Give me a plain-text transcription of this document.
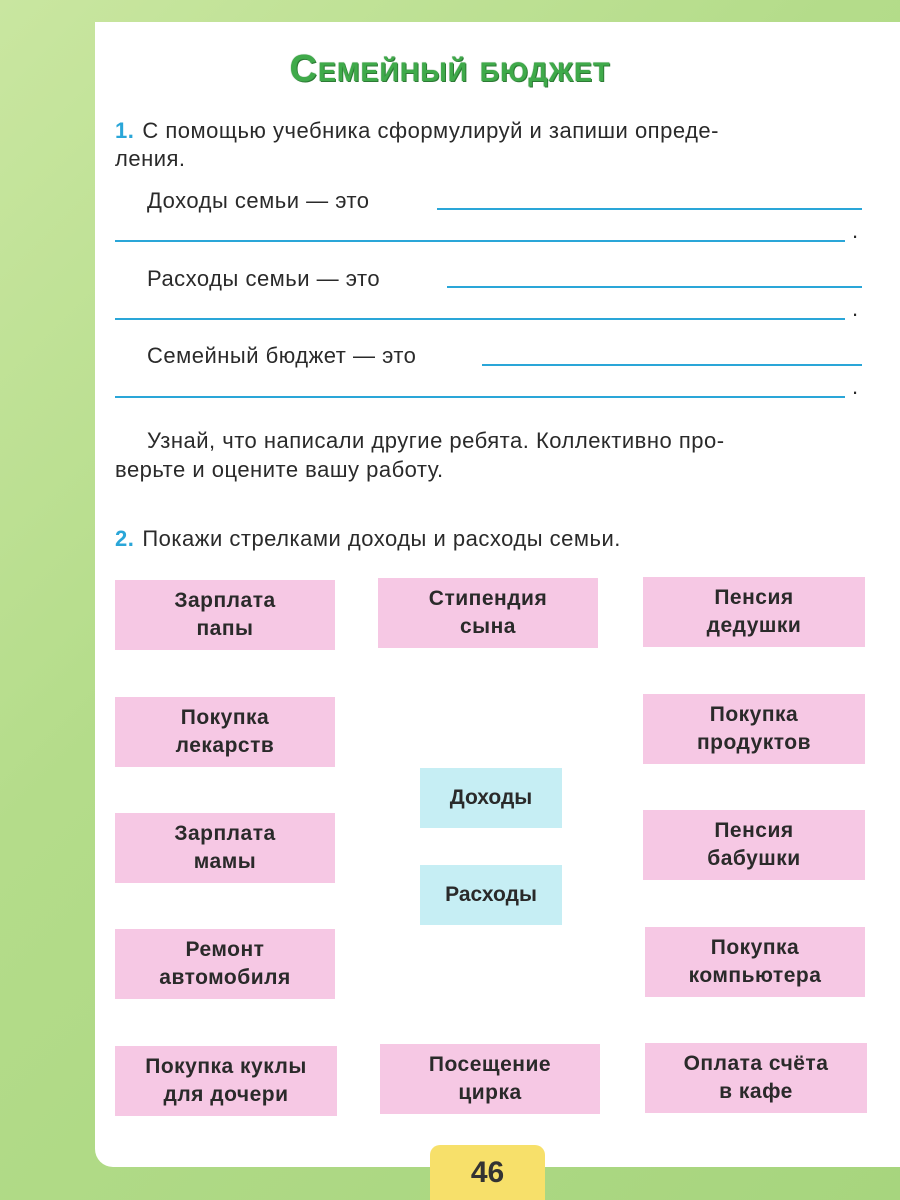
Семейный бюджет
1. С помощью учебника сформулируй и запиши опреде-
ления.
Доходы семьи — это
.
Расходы семьи — это
.
Семейный бюджет — это
.
Узнай, что написали другие ребята. Коллективно про-
верьте и оцените вашу работу.
2. Покажи стрелками доходы и расходы семьи.
Зарплата
папы
Стипендия
сына
Пенсия
дедушки
Покупка
лекарств
Покупка
продуктов
Доходы
Зарплата
мамы
Пенсия
бабушки
Расходы
Ремонт
автомобиля
Покупка
компьютера
Покупка куклы
для дочери
Посещение
цирка
Оплата счёта
в кафе
46
